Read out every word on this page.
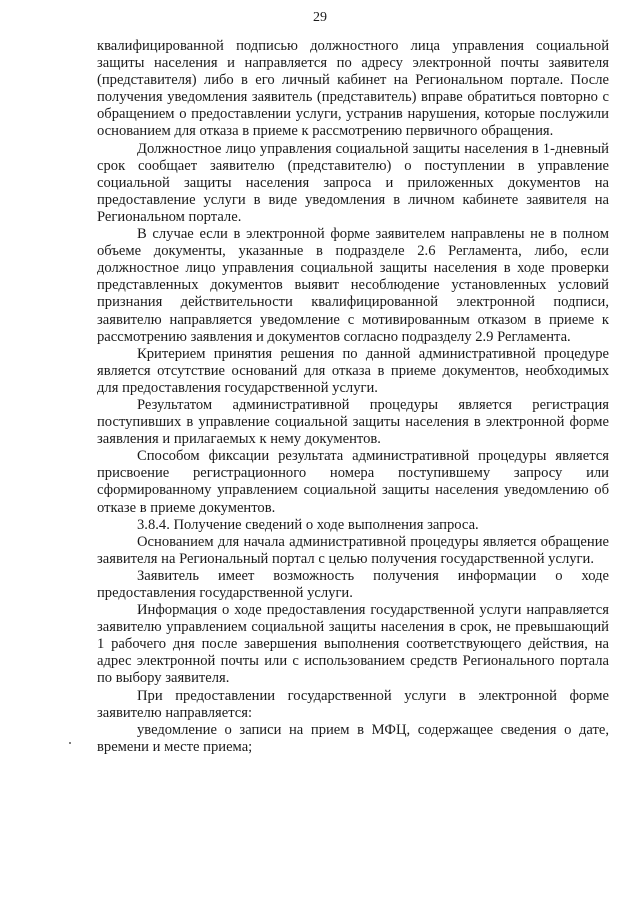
29

квалифицированной подписью должностного лица управления социальной защиты населения и направляется по адресу электронной почты заявителя (представителя) либо в его личный кабинет на Региональном портале. После получения уведомления заявитель (представитель) вправе обратиться повторно с обращением о предоставлении услуги, устранив нарушения, которые послужили основанием для отказа в приеме к рассмотрению первичного обращения.

Должностное лицо управления социальной защиты населения в 1-дневный срок сообщает заявителю (представителю) о поступлении в управление социальной защиты населения запроса и приложенных документов на предоставление услуги в виде уведомления в личном кабинете заявителя на Региональном портале.

В случае если в электронной форме заявителем направлены не в полном объеме документы, указанные в подразделе 2.6 Регламента, либо, если должностное лицо управления социальной защиты населения в ходе проверки представленных документов выявит несоблюдение установленных условий признания действительности квалифицированной электронной подписи, заявителю направляется уведомление с мотивированным отказом в приеме к рассмотрению заявления и документов согласно подразделу 2.9 Регламента.

Критерием принятия решения по данной административной процедуре является отсутствие оснований для отказа в приеме документов, необходимых для предоставления государственной услуги.

Результатом административной процедуры является регистрация поступивших в управление социальной защиты населения в электронной форме заявления и прилагаемых к нему документов.

Способом фиксации результата административной процедуры является присвоение регистрационного номера поступившему запросу или сформированному управлением социальной защиты населения уведомлению об отказе в приеме документов.

3.8.4. Получение сведений о ходе выполнения запроса.

Основанием для начала административной процедуры является обращение заявителя на Региональный портал с целью получения государственной услуги.

Заявитель имеет возможность получения информации о ходе предоставления государственной услуги.

Информация о ходе предоставления государственной услуги направляется заявителю управлением социальной защиты населения в срок, не превышающий 1 рабочего дня после завершения выполнения соответствующего действия, на адрес электронной почты или с использованием средств Регионального портала по выбору заявителя.

При предоставлении государственной услуги в электронной форме заявителю направляется:

уведомление о записи на прием в МФЦ, содержащее сведения о дате, времени и месте приема;
